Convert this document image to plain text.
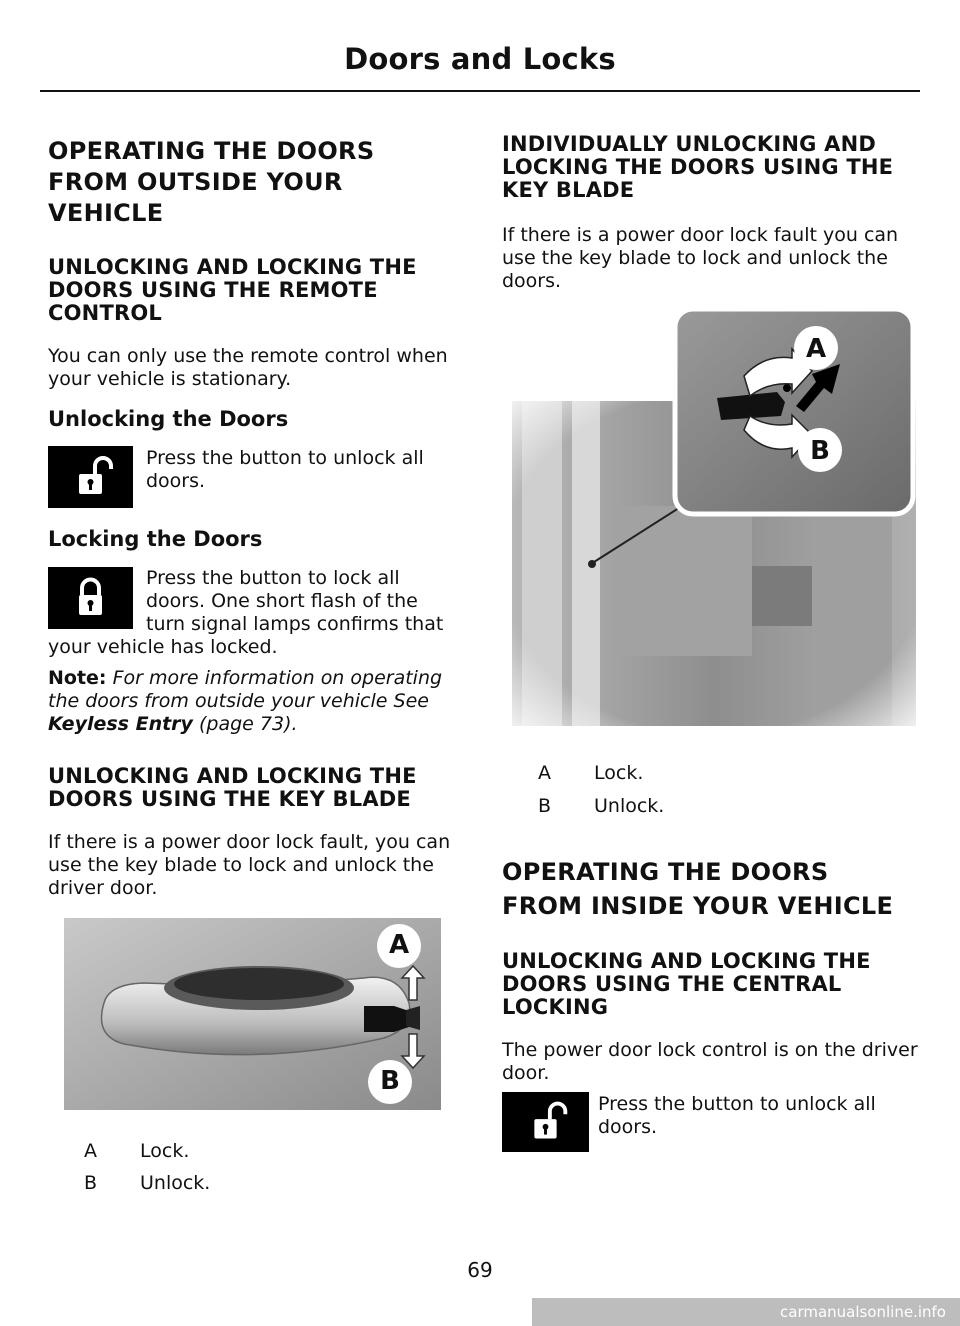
Doors and Locks
OPERATING THE DOORS
FROM OUTSIDE YOUR
VEHICLE
UNLOCKING AND LOCKING THE
DOORS USING THE REMOTE
CONTROL
You can only use the remote control when
your vehicle is stationary.
Unlocking the Doors
Press the button to unlock all
doors.
Locking the Doors
Press the button to lock all
doors. One short flash of the
turn signal lamps confirms that
your vehicle has locked.
Note: For more information on operating
the doors from outside your vehicle See
Keyless Entry (page 73).
UNLOCKING AND LOCKING THE
DOORS USING THE KEY BLADE
If there is a power door lock fault, you can
use the key blade to lock and unlock the
driver door.
A
B
A Lock.
B Unlock.
INDIVIDUALLY UNLOCKING AND
LOCKING THE DOORS USING THE
KEY BLADE
If there is a power door lock fault you can
use the key blade to lock and unlock the
doors.
A
B
A Lock.
B Unlock.
OPERATING THE DOORS
FROM INSIDE YOUR VEHICLE
UNLOCKING AND LOCKING THE
DOORS USING THE CENTRAL
LOCKING
The power door lock control is on the driver
door.
Press the button to unlock all
doors.
69
carmanualsonline.info
